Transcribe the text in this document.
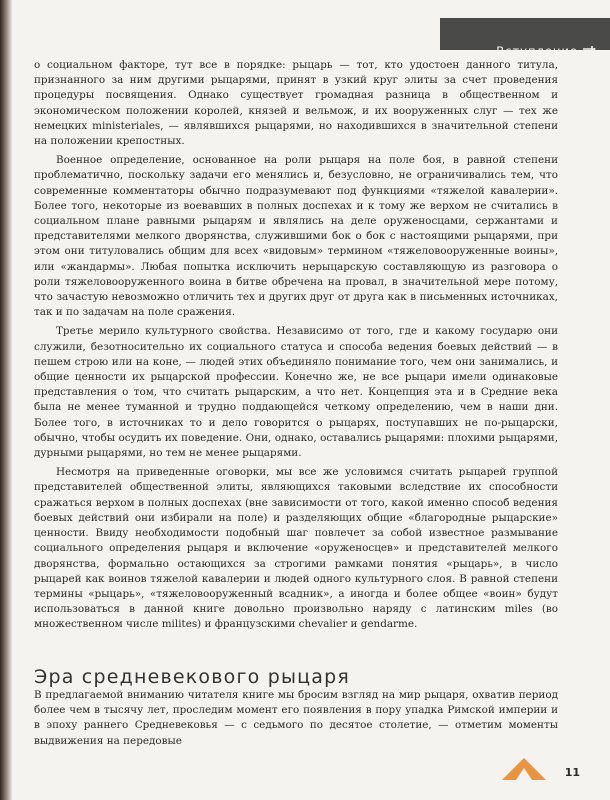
Вступление

о социальном факторе, тут все в порядке: рыцарь — тот, кто удостоен данного титула, признанного за ним другими рыцарями, принят в узкий круг элиты за счет проведения процедуры посвящения. Однако существует громадная разница в общественном и экономическом положении королей, князей и вельмож, и их вооруженных слуг — тех же немецких ministeriales, — являвшихся рыцарями, но находившихся в значительной степени на положении крепостных.

Военное определение, основанное на роли рыцаря на поле боя, в равной степени проблематично, поскольку задачи его менялись и, безусловно, не ограничивались тем, что современные комментаторы обычно подразумевают под функциями «тяжелой кавалерии». Более того, некоторые из воевавших в полных доспехах и к тому же верхом не считались в социальном плане равными рыцарям и являлись на деле оруженосцами, сержантами и представителями мелкого дворянства, служившими бок о бок с настоящими рыцарями, при этом они титуловались общим для всех «видовым» термином «тяжеловооруженные воины», или «жандармы». Любая попытка исключить нерыцарскую составляющую из разговора о роли тяжеловооруженного воина в битве обречена на провал, в значительной мере потому, что зачастую невозможно отличить тех и других друг от друга как в письменных источниках, так и по задачам на поле сражения.

Третье мерило культурного свойства. Независимо от того, где и какому государю они служили, безотносительно их социального статуса и способа ведения боевых действий — в пешем строю или на коне, — людей этих объединяло понимание того, чем они занимались, и общие ценности их рыцарской профессии. Конечно же, не все рыцари имели одинаковые представления о том, что считать рыцарским, а что нет. Концепция эта и в Средние века была не менее туманной и трудно поддающейся четкому определению, чем в наши дни. Более того, в источниках то и дело говорится о рыцарях, поступавших не по-рыцарски, обычно, чтобы осудить их поведение. Они, однако, оставались рыцарями: плохими рыцарями, дурными рыцарями, но тем не менее рыцарями.

Несмотря на приведенные оговорки, мы все же условимся считать рыцарей группой представителей общественной элиты, являющихся таковыми вследствие их способности сражаться верхом в полных доспехах (вне зависимости от того, какой именно способ ведения боевых действий они избирали на поле) и разделяющих общие «благородные рыцарские» ценности. Ввиду необходимости подобный шаг повлечет за собой известное размывание социального определения рыцаря и включение «оруженосцев» и представителей мелкого дворянства, формально остающихся за строгими рамками понятия «рыцарь», в число рыцарей как воинов тяжелой кавалерии и людей одного культурного слоя. В равной степени термины «рыцарь», «тяжеловооруженный всадник», а иногда и более общее «воин» будут использоваться в данной книге довольно произвольно наряду с латинским miles (во множественном числе milites) и французскими chevalier и gendarme.

Эра средневекового рыцаря

В предлагаемой вниманию читателя книге мы бросим взгляд на мир рыцаря, охватив период более чем в тысячу лет, проследим момент его появления в пору упадка Римской империи и в эпоху раннего Средневековья — с седьмого по десятое столетие, — отметим моменты выдвижения на передовые

11
